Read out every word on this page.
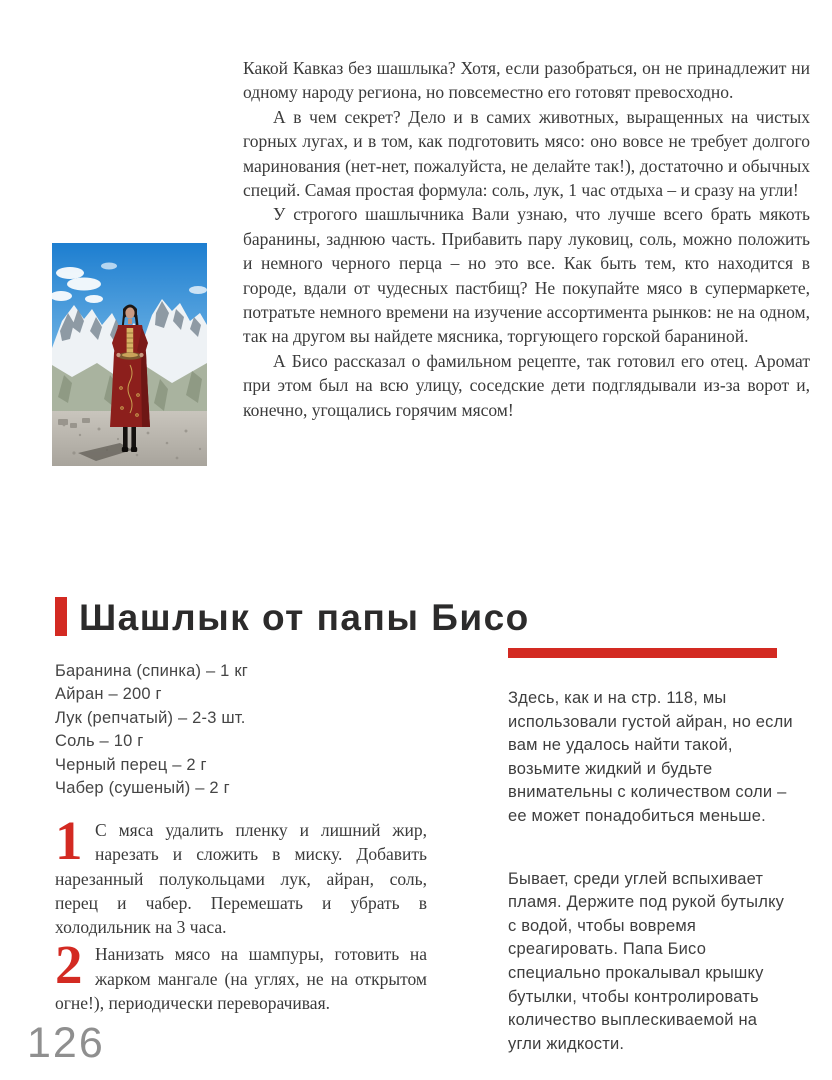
Какой Кавказ без шашлыка? Хотя, если разобраться, он не принадлежит ни одному народу региона, но повсеместно его готовят превосходно.

А в чем секрет? Дело и в самих животных, выращенных на чистых горных лугах, и в том, как подготовить мясо: оно вовсе не требует долгого маринования (нет-нет, пожалуйста, не делайте так!), достаточно и обычных специй. Самая простая формула: соль, лук, 1 час отдыха – и сразу на угли!

У строгого шашлычника Вали узнаю, что лучше всего брать мякоть баранины, заднюю часть. Прибавить пару луковиц, соль, можно положить и немного черного перца – но это все. Как быть тем, кто находится в городе, вдали от чудесных пастбищ? Не покупайте мясо в супермаркете, потратьте немного времени на изучение ассортимента рынков: не на одном, так на другом вы найдете мясника, торгующего горской бараниной.

А Бисо рассказал о фамильном рецепте, так готовил его отец. Аромат при этом был на всю улицу, соседские дети подглядывали из-за ворот и, конечно, угощались горячим мясом!

Шашлык от папы Бисо
Баранина (спинка) – 1 кг
Айран – 200 г
Лук (репчатый) – 2-3 шт.
Соль – 10 г
Черный перец – 2 г
Чабер (сушеный) – 2 г
1 С мяса удалить пленку и лишний жир, нарезать и сложить в миску. Добавить нарезанный полукольцами лук, айран, соль, перец и чабер. Перемешать и убрать в холодильник на 3 часа.

2 Нанизать мясо на шампуры, готовить на жарком мангале (на углях, не на открытом огне!), периодически переворачивая.

Здесь, как и на стр. 118, мы использовали густой айран, но если вам не удалось найти такой, возьмите жидкий и будьте внимательны с количеством соли – ее может понадобиться меньше.

Бывает, среди углей вспыхивает пламя. Держите под рукой бутылку с водой, чтобы вовремя среагировать. Папа Бисо специально прокалывал крышку бутылки, чтобы контролировать количество выплескиваемой на угли жидкости.

126
